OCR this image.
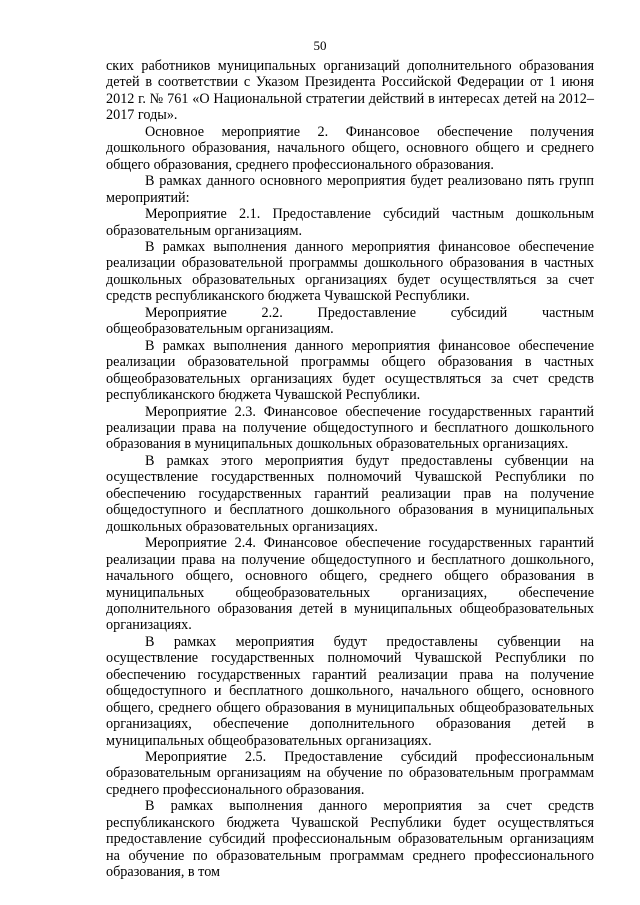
50

ских работников муниципальных организаций дополнительного образования детей в соответствии с Указом Президента Российской Федерации от 1 июня 2012 г. № 761 «О Национальной стратегии действий в интересах детей на 2012–2017 годы».

Основное мероприятие 2. Финансовое обеспечение получения дошкольного образования, начального общего, основного общего и среднего общего образования, среднего профессионального образования.

В рамках данного основного мероприятия будет реализовано пять групп мероприятий:

Мероприятие 2.1. Предоставление субсидий частным дошкольным образовательным организациям.

В рамках выполнения данного мероприятия финансовое обеспечение реализации образовательной программы дошкольного образования в частных дошкольных образовательных организациях будет осуществляться за счет средств республиканского бюджета Чувашской Республики.

Мероприятие 2.2. Предоставление субсидий частным общеобразовательным организациям.

В рамках выполнения данного мероприятия финансовое обеспечение реализации образовательной программы общего образования в частных общеобразовательных организациях будет осуществляться за счет средств республиканского бюджета Чувашской Республики.

Мероприятие 2.3. Финансовое обеспечение государственных гарантий реализации права на получение общедоступного и бесплатного дошкольного образования в муниципальных дошкольных образовательных организациях.

В рамках этого мероприятия будут предоставлены субвенции на осуществление государственных полномочий Чувашской Республики по обеспечению государственных гарантий реализации прав на получение общедоступного и бесплатного дошкольного образования в муниципальных дошкольных образовательных организациях.

Мероприятие 2.4. Финансовое обеспечение государственных гарантий реализации права на получение общедоступного и бесплатного дошкольного, начального общего, основного общего, среднего общего образования в муниципальных общеобразовательных организациях, обеспечение дополнительного образования детей в муниципальных общеобразовательных организациях.

В рамках мероприятия будут предоставлены субвенции на осуществление государственных полномочий Чувашской Республики по обеспечению государственных гарантий реализации права на получение общедоступного и бесплатного дошкольного, начального общего, основного общего, среднего общего образования в муниципальных общеобразовательных организациях, обеспечение дополнительного образования детей в муниципальных общеобразовательных организациях.

Мероприятие 2.5. Предоставление субсидий профессиональным образовательным организациям на обучение по образовательным программам среднего профессионального образования.

В рамках выполнения данного мероприятия за счет средств республиканского бюджета Чувашской Республики будет осуществляться предоставление субсидий профессиональным образовательным организациям на обучение по образовательным программам среднего профессионального образования, в том
